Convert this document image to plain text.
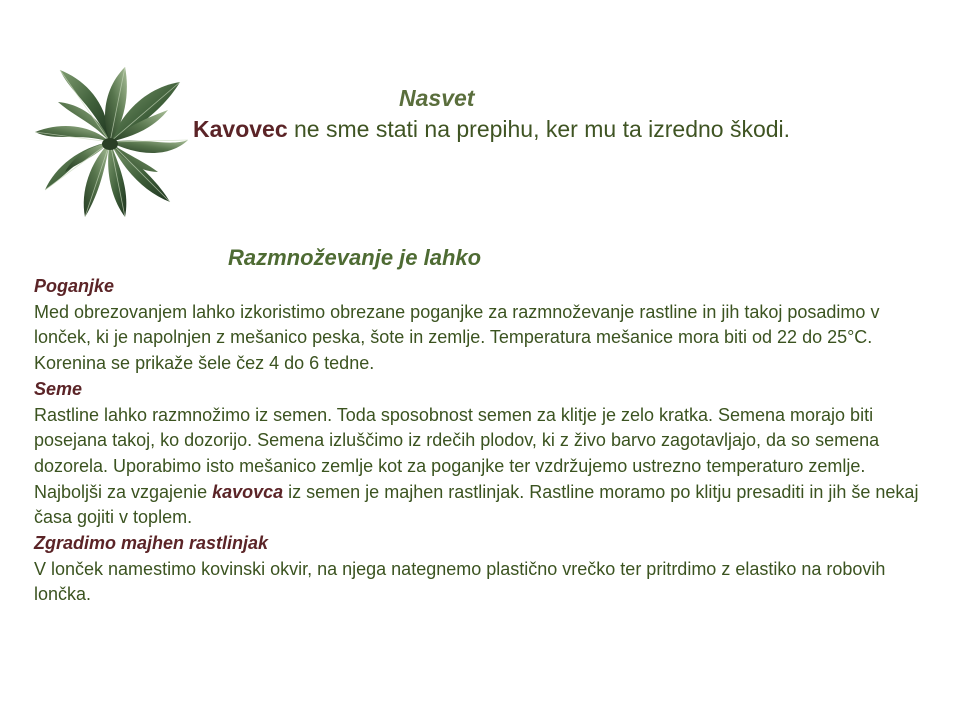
Nasvet

Kavovec ne sme stati na prepihu, ker mu ta izredno škodi.

Razmnoževanje je lahko
Poganjke
Med obrezovanjem lahko izkoristimo obrezane poganjke za razmnoževanje rastline in jih takoj posadimo v lonček, ki je napolnjen z mešanico peska, šote in zemlje. Temperatura mešanice mora biti od 22 do 25°C. Korenina se prikaže šele čez 4 do 6 tedne.
Seme
Rastline lahko razmnožimo iz semen. Toda sposobnost semen za klitje je zelo kratka. Semena morajo biti posejana takoj, ko dozorijo. Semena izluščimo iz rdečih plodov, ki z živo barvo zagotavljajo, da so semena dozorela. Uporabimo isto mešanico zemlje kot za poganjke ter vzdržujemo ustrezno temperaturo zemlje. Najboljši za vzgajenie kavovca iz semen je majhen rastlinjak. Rastline moramo po klitju presaditi in jih še nekaj časa gojiti v toplem.
Zgradimo majhen rastlinjak
V lonček namestimo kovinski okvir, na njega nategnemo plastično vrečko ter pritrdimo z elastiko na robovih lončka.
